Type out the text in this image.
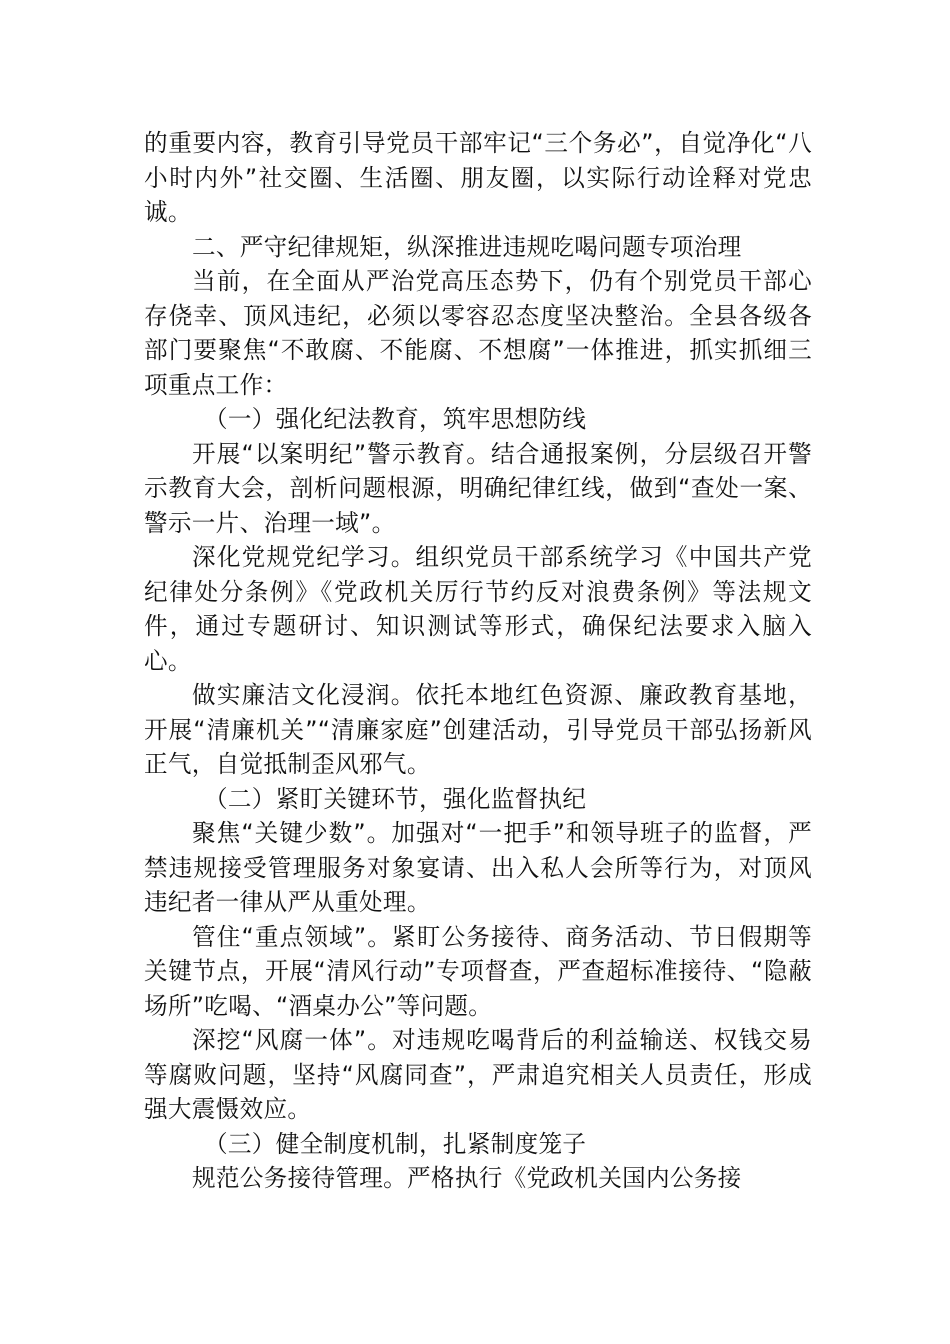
的重要内容，教育引导党员干部牢记“三个务必”，自觉净化“八小时内外”社交圈、生活圈、朋友圈，以实际行动诠释对党忠诚。

二、严守纪律规矩，纵深推进违规吃喝问题专项治理

当前，在全面从严治党高压态势下，仍有个别党员干部心存侥幸、顶风违纪，必须以零容忍态度坚决整治。全县各级各部门要聚焦“不敢腐、不能腐、不想腐”一体推进，抓实抓细三项重点工作：

（一）强化纪法教育，筑牢思想防线

开展“以案明纪”警示教育。结合通报案例，分层级召开警示教育大会，剖析问题根源，明确纪律红线，做到“查处一案、警示一片、治理一域”。

深化党规党纪学习。组织党员干部系统学习《中国共产党纪律处分条例》《党政机关厉行节约反对浪费条例》等法规文件，通过专题研讨、知识测试等形式，确保纪法要求入脑入心。

做实廉洁文化浸润。依托本地红色资源、廉政教育基地，开展“清廉机关”“清廉家庭”创建活动，引导党员干部弘扬新风正气，自觉抵制歪风邪气。

（二）紧盯关键环节，强化监督执纪

聚焦“关键少数”。加强对“一把手”和领导班子的监督，严禁违规接受管理服务对象宴请、出入私人会所等行为，对顶风违纪者一律从严从重处理。

管住“重点领域”。紧盯公务接待、商务活动、节日假期等关键节点，开展“清风行动”专项督查，严查超标准接待、“隐蔽场所”吃喝、“酒桌办公”等问题。

深挖“风腐一体”。对违规吃喝背后的利益输送、权钱交易等腐败问题，坚持“风腐同查”，严肃追究相关人员责任，形成强大震慑效应。

（三）健全制度机制，扎紧制度笼子

规范公务接待管理。严格执行《党政机关国内公务接
